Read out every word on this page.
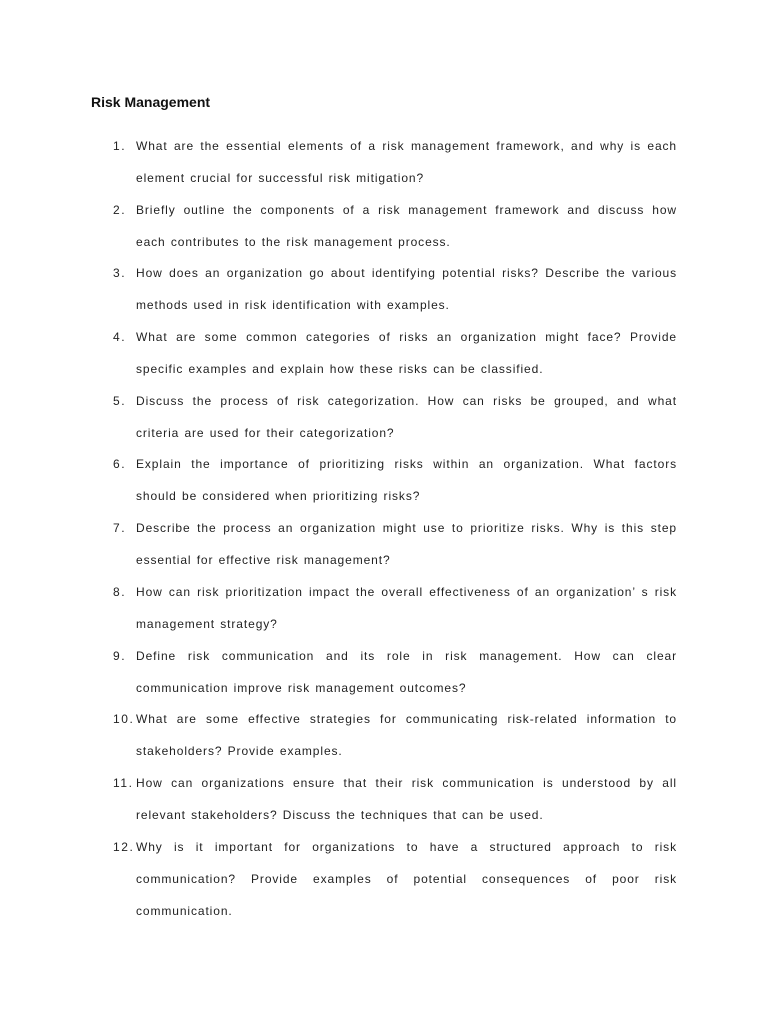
Risk Management
1. What are the essential elements of a risk management framework, and why is each element crucial for successful risk mitigation?

2. Briefly outline the components of a risk management framework and discuss how each contributes to the risk management process.

3. How does an organization go about identifying potential risks? Describe the various methods used in risk identification with examples.

4. What are some common categories of risks an organization might face? Provide specific examples and explain how these risks can be classified.

5. Discuss the process of risk categorization. How can risks be grouped, and what criteria are used for their categorization?

6. Explain the importance of prioritizing risks within an organization. What factors should be considered when prioritizing risks?

7. Describe the process an organization might use to prioritize risks. Why is this step essential for effective risk management?

8. How can risk prioritization impact the overall effectiveness of an organization’ s risk management strategy?

9. Define risk communication and its role in risk management. How can clear communication improve risk management outcomes?

10. What are some effective strategies for communicating risk-related information to stakeholders? Provide examples.

11. How can organizations ensure that their risk communication is understood by all relevant stakeholders? Discuss the techniques that can be used.

12. Why is it important for organizations to have a structured approach to risk communication? Provide examples of potential consequences of poor risk communication.
